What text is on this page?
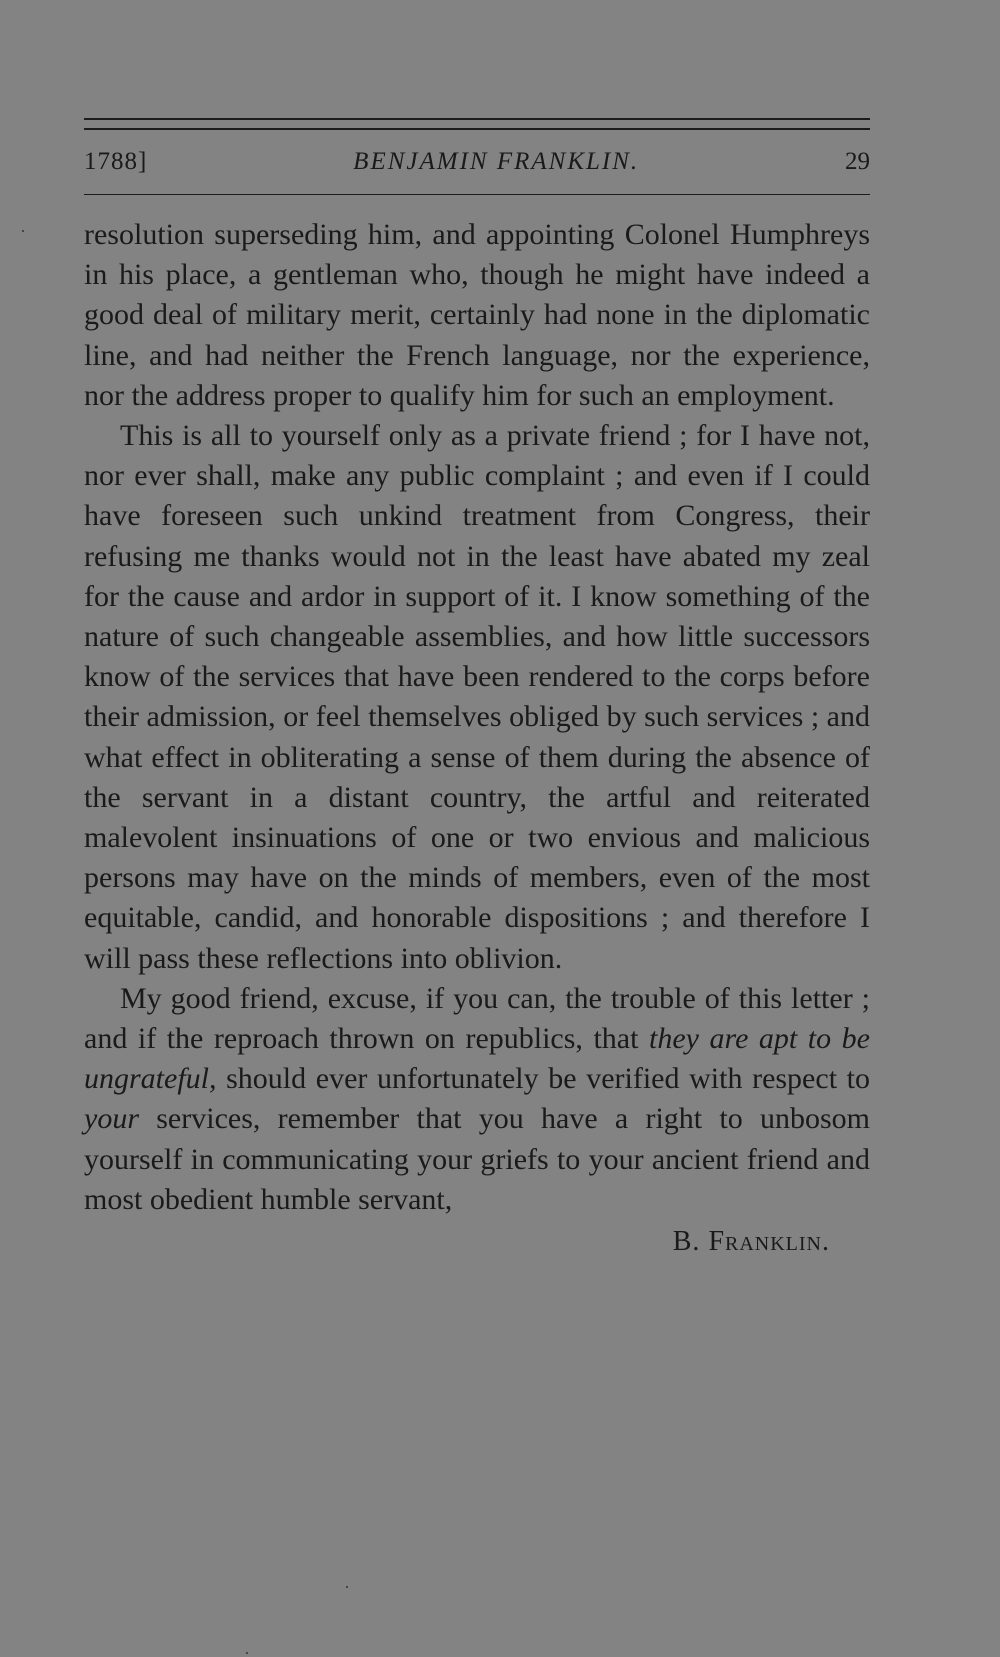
1788]	BENJAMIN FRANKLIN.	29

resolution superseding him, and appointing Colonel Humphreys in his place, a gentleman who, though he might have indeed a good deal of military merit, certainly had none in the diplomatic line, and had neither the French language, nor the experience, nor the address proper to qualify him for such an employment.

This is all to yourself only as a private friend ; for I have not, nor ever shall, make any public complaint ; and even if I could have foreseen such unkind treatment from Congress, their refusing me thanks would not in the least have abated my zeal for the cause and ardor in support of it. I know something of the nature of such changeable assemblies, and how little successors know of the services that have been rendered to the corps before their admission, or feel themselves obliged by such services ; and what effect in obliterating a sense of them during the absence of the servant in a distant country, the artful and reiterated malevolent insinuations of one or two envious and malicious persons may have on the minds of members, even of the most equitable, candid, and honorable dispositions ; and therefore I will pass these reflections into oblivion.

My good friend, excuse, if you can, the trouble of this letter ; and if the reproach thrown on republics, that they are apt to be ungrateful, should ever unfortunately be verified with respect to your services, remember that you have a right to unbosom yourself in communicating your griefs to your ancient friend and most obedient humble servant,

B. Franklin.
